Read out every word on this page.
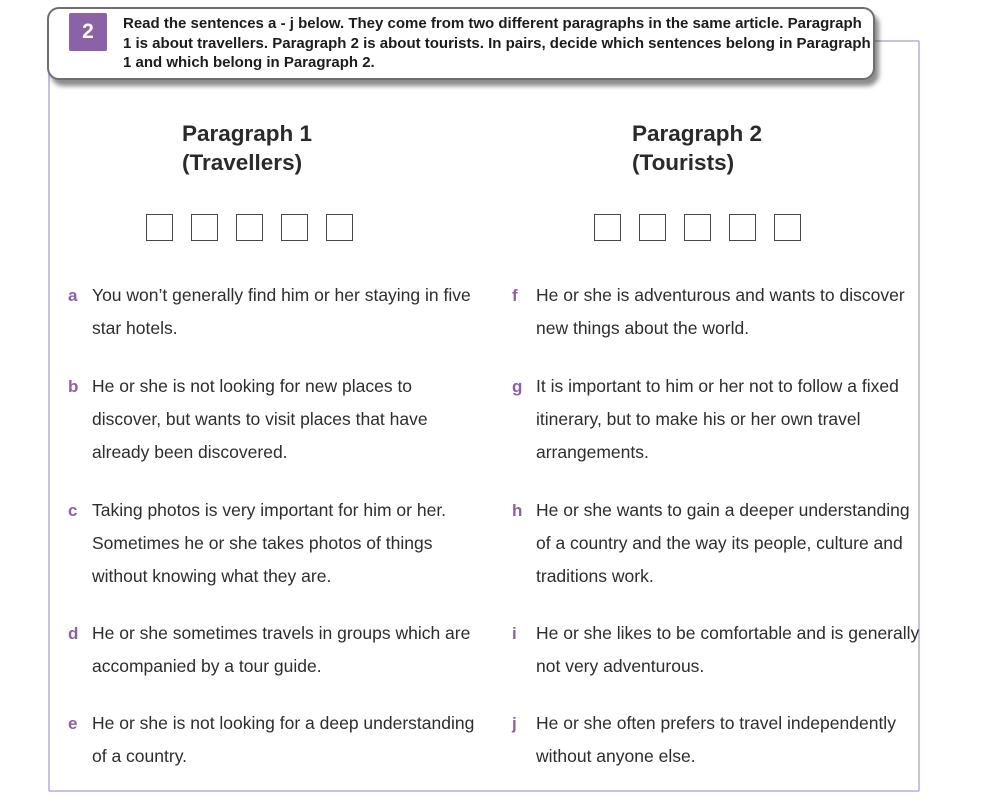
2	Read the sentences a - j below. They come from two different paragraphs in the same article. Paragraph 1 is about travellers. Paragraph 2 is about tourists. In pairs, decide which sentences belong in Paragraph 1 and which belong in Paragraph 2.
Paragraph 1
(Travellers)
Paragraph 2
(Tourists)
a You won’t generally find him or her staying in five star hotels.
b He or she is not looking for new places to discover, but wants to visit places that have already been discovered.
c Taking photos is very important for him or her. Sometimes he or she takes photos of things without knowing what they are.
d He or she sometimes travels in groups which are accompanied by a tour guide.
e He or she is not looking for a deep understanding of a country.
f	He or she is adventurous and wants to discover new things about the world.
g It is important to him or her not to follow a fixed itinerary, but to make his or her own travel arrangements.
h He or she wants to gain a deeper understanding of a country and the way its people, culture and traditions work.
i	He or she likes to be comfortable and is generally not very adventurous.
j	He or she often prefers to travel independently without anyone else.
